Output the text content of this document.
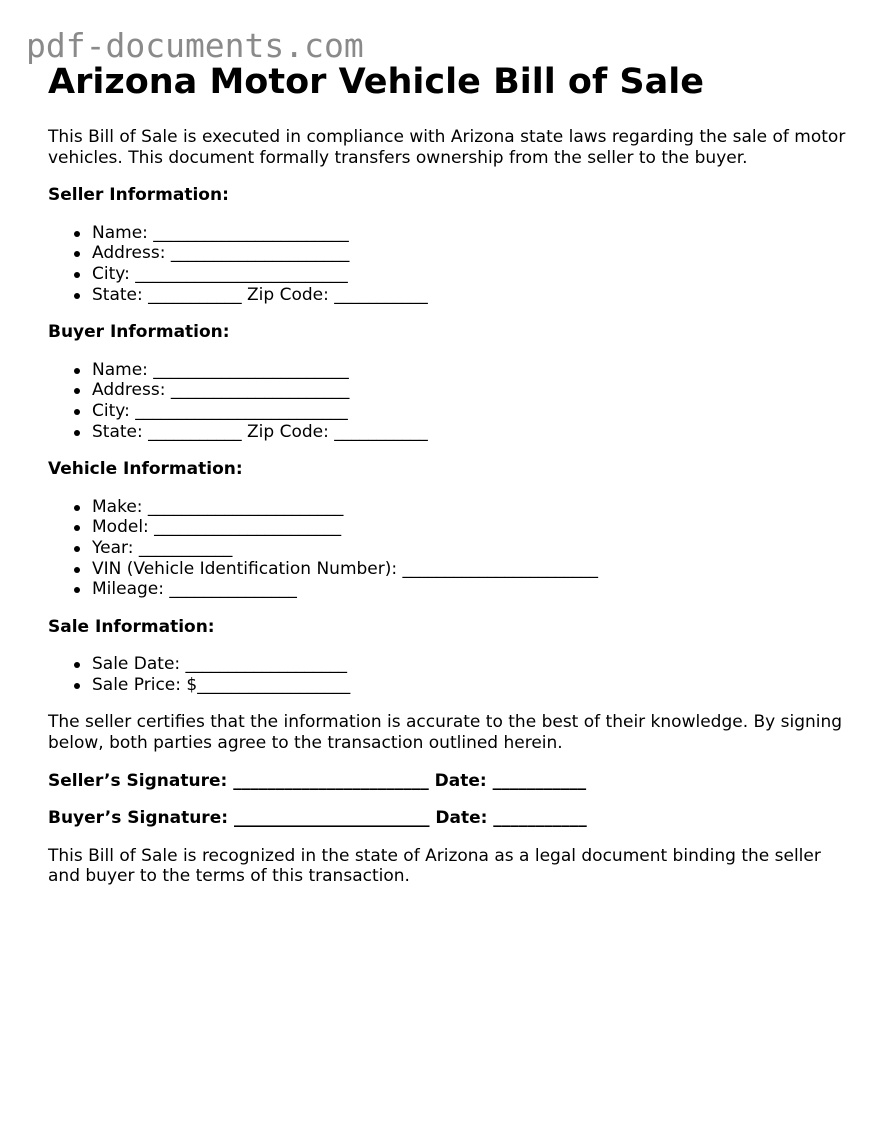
pdf-documents.com
Arizona Motor Vehicle Bill of Sale

This Bill of Sale is executed in compliance with Arizona state laws regarding the sale of motor vehicles. This document formally transfers ownership from the seller to the buyer.

Seller Information:
Name: _______________________
Address: _____________________
City: _________________________
State: ___________ Zip Code: ___________
Buyer Information:
Name: _______________________
Address: _____________________
City: _________________________
State: ___________ Zip Code: ___________
Vehicle Information:
Make: _______________________
Model: ______________________
Year: ___________
VIN (Vehicle Identification Number): _______________________
Mileage: _______________
Sale Information:
Sale Date: ___________________
Sale Price: $__________________

The seller certifies that the information is accurate to the best of their knowledge. By signing below, both parties agree to the transaction outlined herein.

Seller’s Signature: _______________________ Date: ___________
Buyer’s Signature: _______________________ Date: ___________

This Bill of Sale is recognized in the state of Arizona as a legal document binding the seller and buyer to the terms of this transaction.
